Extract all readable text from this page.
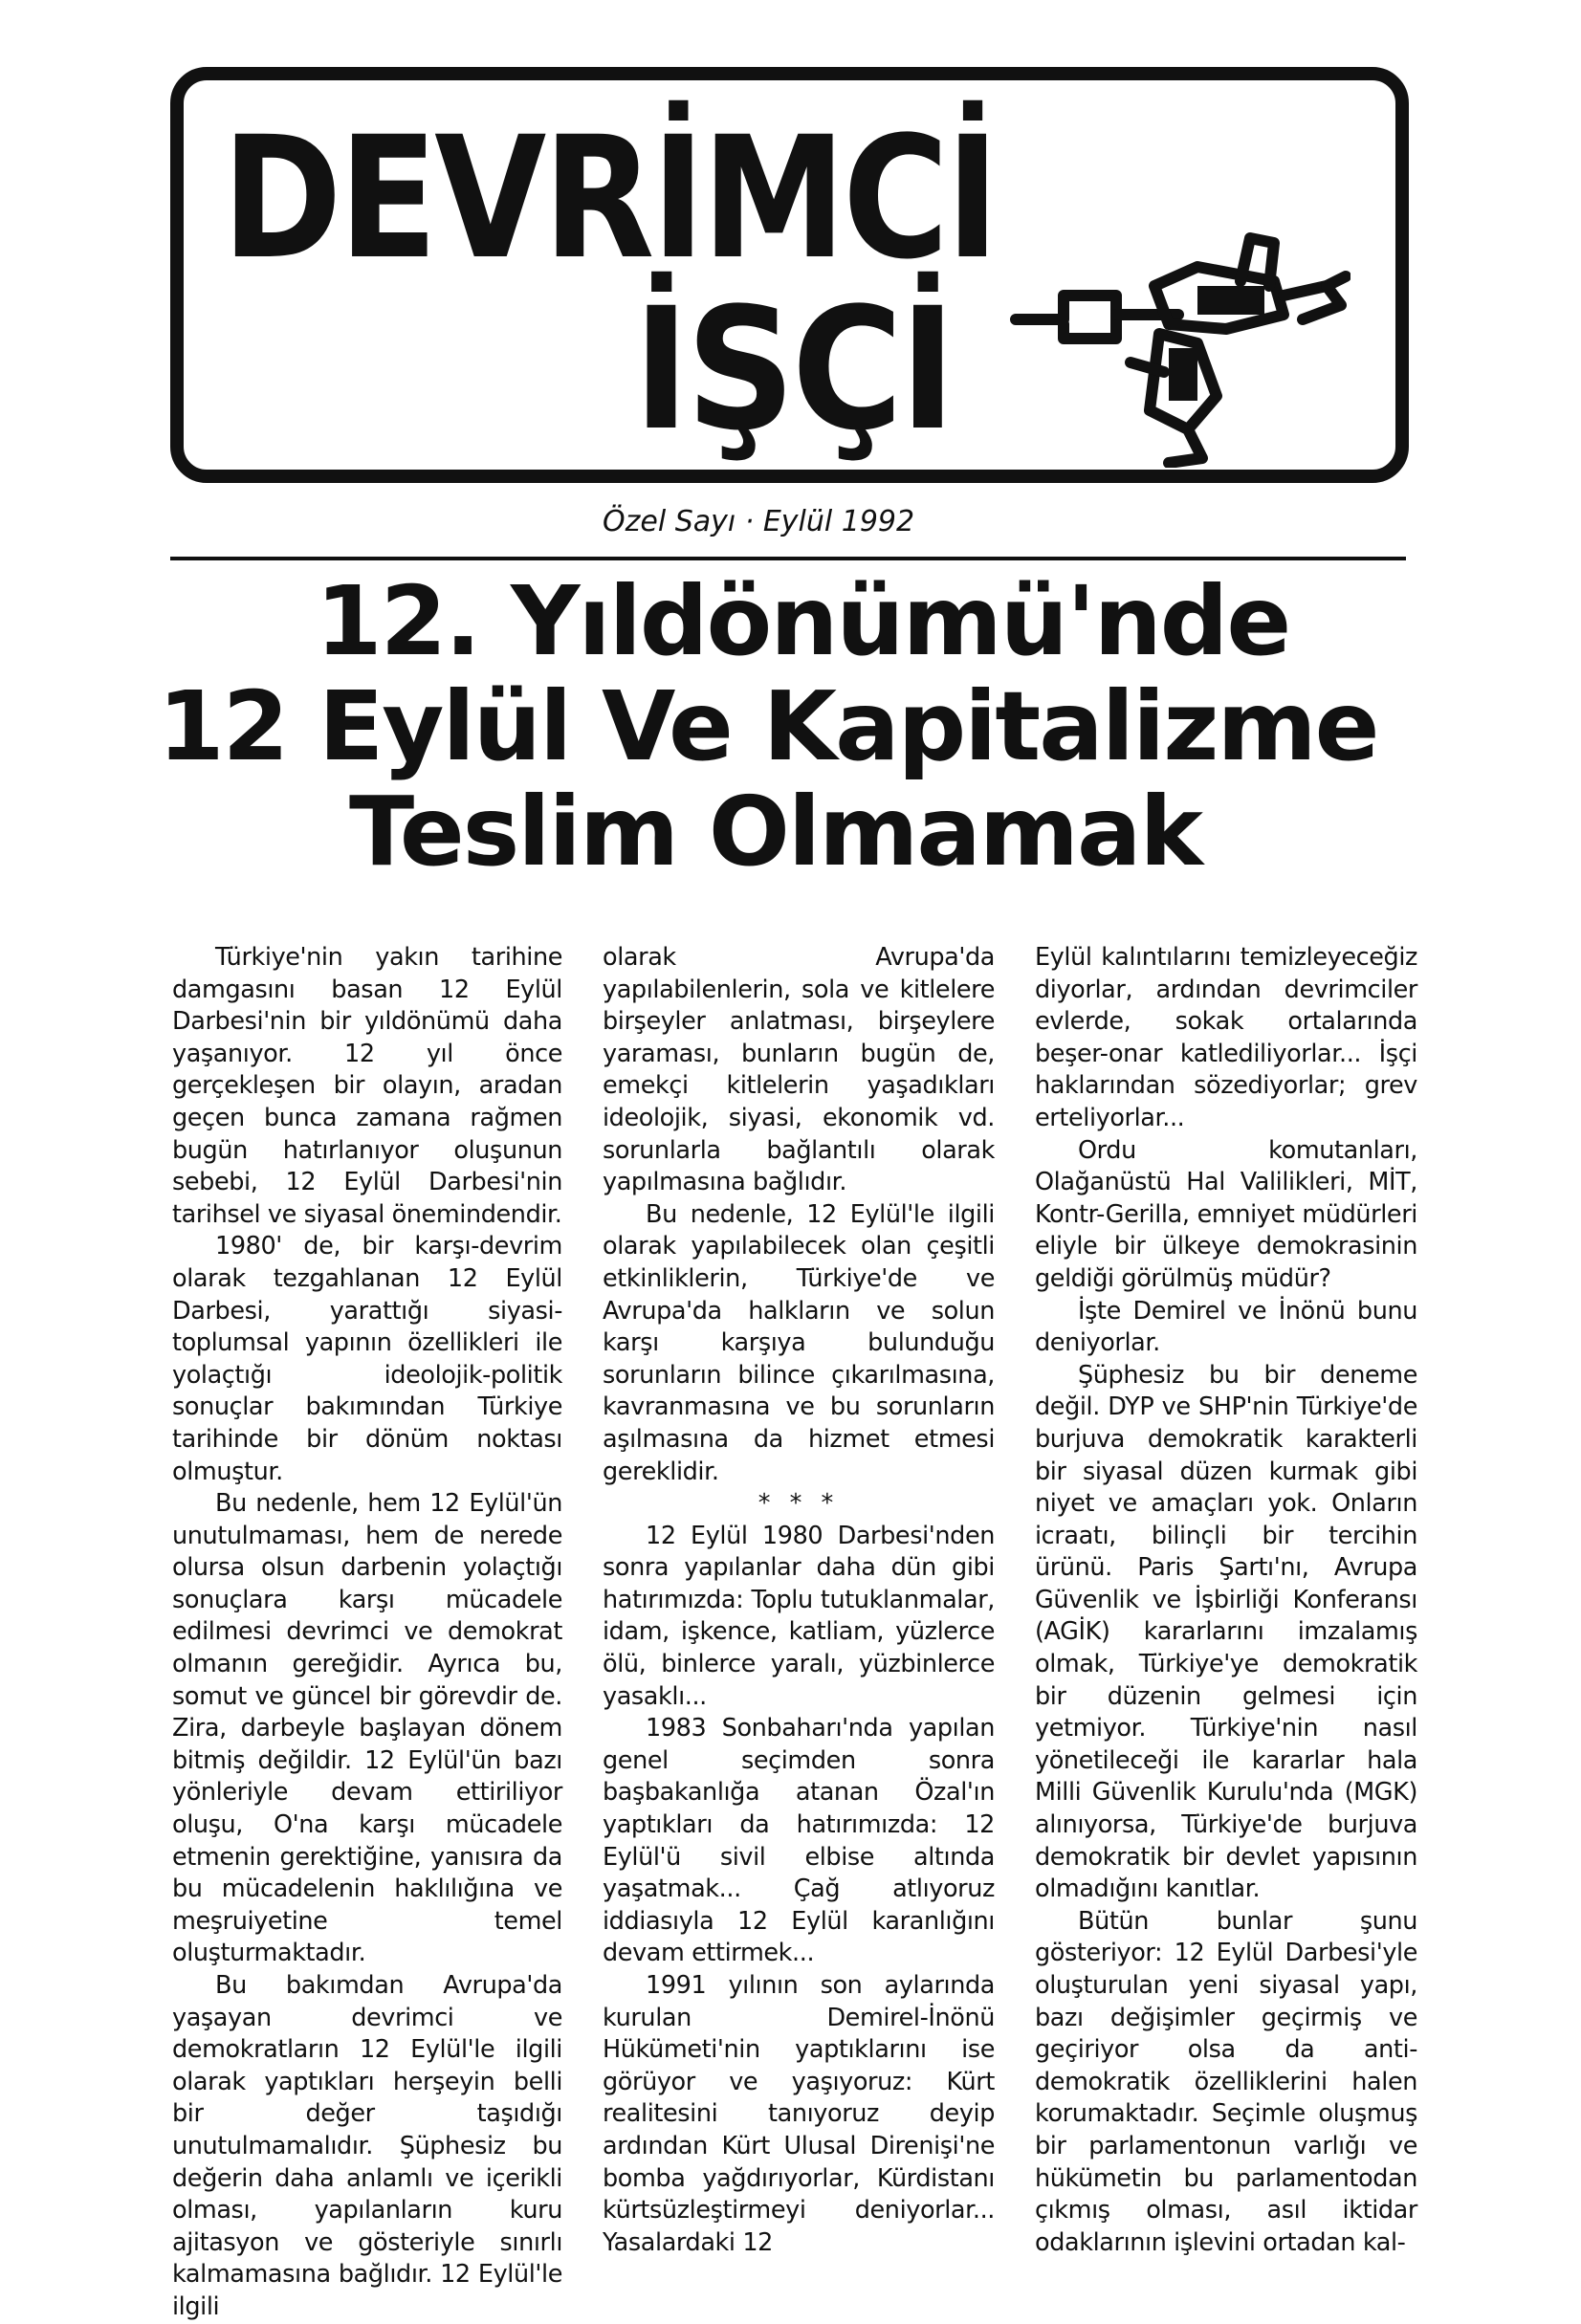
DEVRİMCİ
İŞÇİ
Özel Sayı · Eylül 1992
12. Yıldönümü'nde
12 Eylül Ve Kapitalizme
Teslim Olmamak

Türkiye'nin yakın tarihine damgasını basan 12 Eylül Darbesi'nin bir yıldönümü daha yaşanıyor. 12 yıl önce gerçekleşen bir olayın, aradan geçen bunca zamana rağmen bugün hatırlanıyor oluşunun sebebi, 12 Eylül Darbesi'nin tarihsel ve siyasal önemindendir.

1980' de, bir karşı-devrim olarak tezgahlanan 12 Eylül Darbesi, yarattığı siyasi-toplumsal yapının özellikleri ile yolaçtığı ideolojik-politik sonuçlar bakımından Türkiye tarihinde bir dönüm noktası olmuştur.

Bu nedenle, hem 12 Eylül'ün unutulmaması, hem de nerede olursa olsun darbenin yolaçtığı sonuçlara karşı mücadele edilmesi devrimci ve demokrat olmanın gereğidir. Ayrıca bu, somut ve güncel bir görevdir de. Zira, darbeyle başlayan dönem bitmiş değildir. 12 Eylül'ün bazı yönleriyle devam ettiriliyor oluşu, O'na karşı mücadele etmenin gerektiğine, yanısıra da bu mücadelenin haklılığına ve meşruiyetine temel oluşturmaktadır.

Bu bakımdan Avrupa'da yaşayan devrimci ve demokratların 12 Eylül'le ilgili olarak yaptıkları herşeyin belli bir değer taşıdığı unutulmamalıdır. Şüphesiz bu değerin daha anlamlı ve içerikli olması, yapılanların kuru ajitasyon ve gösteriyle sınırlı kalmamasına bağlıdır. 12 Eylül'le ilgili

olarak Avrupa'da yapılabilenlerin, sola ve kitlelere birşeyler anlatması, birşeylere yaraması, bunların bugün de, emekçi kitlelerin yaşadıkları ideolojik, siyasi, ekonomik vd. sorunlarla bağlantılı olarak yapılmasına bağlıdır.

Bu nedenle, 12 Eylül'le ilgili olarak yapılabilecek olan çeşitli etkinliklerin, Türkiye'de ve Avrupa'da halkların ve solun karşı karşıya bulunduğu sorunların bilince çıkarılmasına, kavranmasına ve bu sorunların aşılmasına da hizmet etmesi gereklidir.

* * *

12 Eylül 1980 Darbesi'nden sonra yapılanlar daha dün gibi hatırımızda: Toplu tutuklanmalar, idam, işkence, katliam, yüzlerce ölü, binlerce yaralı, yüzbinlerce yasaklı...

1983 Sonbaharı'nda yapılan genel seçimden sonra başbakanlığa atanan Özal'ın yaptıkları da hatırımızda: 12 Eylül'ü sivil elbise altında yaşatmak... Çağ atlıyoruz iddiasıyla 12 Eylül karanlığını devam ettirmek...

1991 yılının son aylarında kurulan Demirel-İnönü Hükümeti'nin yaptıklarını ise görüyor ve yaşıyoruz: Kürt realitesini tanıyoruz deyip ardından Kürt Ulusal Direnişi'ne bomba yağdırıyorlar, Kürdistanı kürtsüzleştirmeyi deniyorlar... Yasalardaki 12

Eylül kalıntılarını temizleyeceğiz diyorlar, ardından devrimciler evlerde, sokak ortalarında beşer-onar katlediliyorlar... İşçi haklarından sözediyorlar; grev erteliyorlar...

Ordu komutanları, Olağanüstü Hal Valilikleri, MİT, Kontr-Gerilla, emniyet müdürleri eliyle bir ülkeye demokrasinin geldiği görülmüş müdür?

İşte Demirel ve İnönü bunu deniyorlar.

Şüphesiz bu bir deneme değil. DYP ve SHP'nin Türkiye'de burjuva demokratik karakterli bir siyasal düzen kurmak gibi niyet ve amaçları yok. Onların icraatı, bilinçli bir tercihin ürünü. Paris Şartı'nı, Avrupa Güvenlik ve İşbirliği Konferansı (AGİK) kararlarını imzalamış olmak, Türkiye'ye demokratik bir düzenin gelmesi için yetmiyor. Türkiye'nin nasıl yönetileceği ile kararlar hala Milli Güvenlik Kurulu'nda (MGK) alınıyorsa, Türkiye'de burjuva demokratik bir devlet yapısının olmadığını kanıtlar.

Bütün bunlar şunu gösteriyor: 12 Eylül Darbesi'yle oluşturulan yeni siyasal yapı, bazı değişimler geçirmiş ve geçiriyor olsa da anti-demokratik özelliklerini halen korumaktadır. Seçimle oluşmuş bir parlamentonun varlığı ve hükümetin bu parlamentodan çıkmış olması, asıl iktidar odaklarının işlevini ortadan kal-
